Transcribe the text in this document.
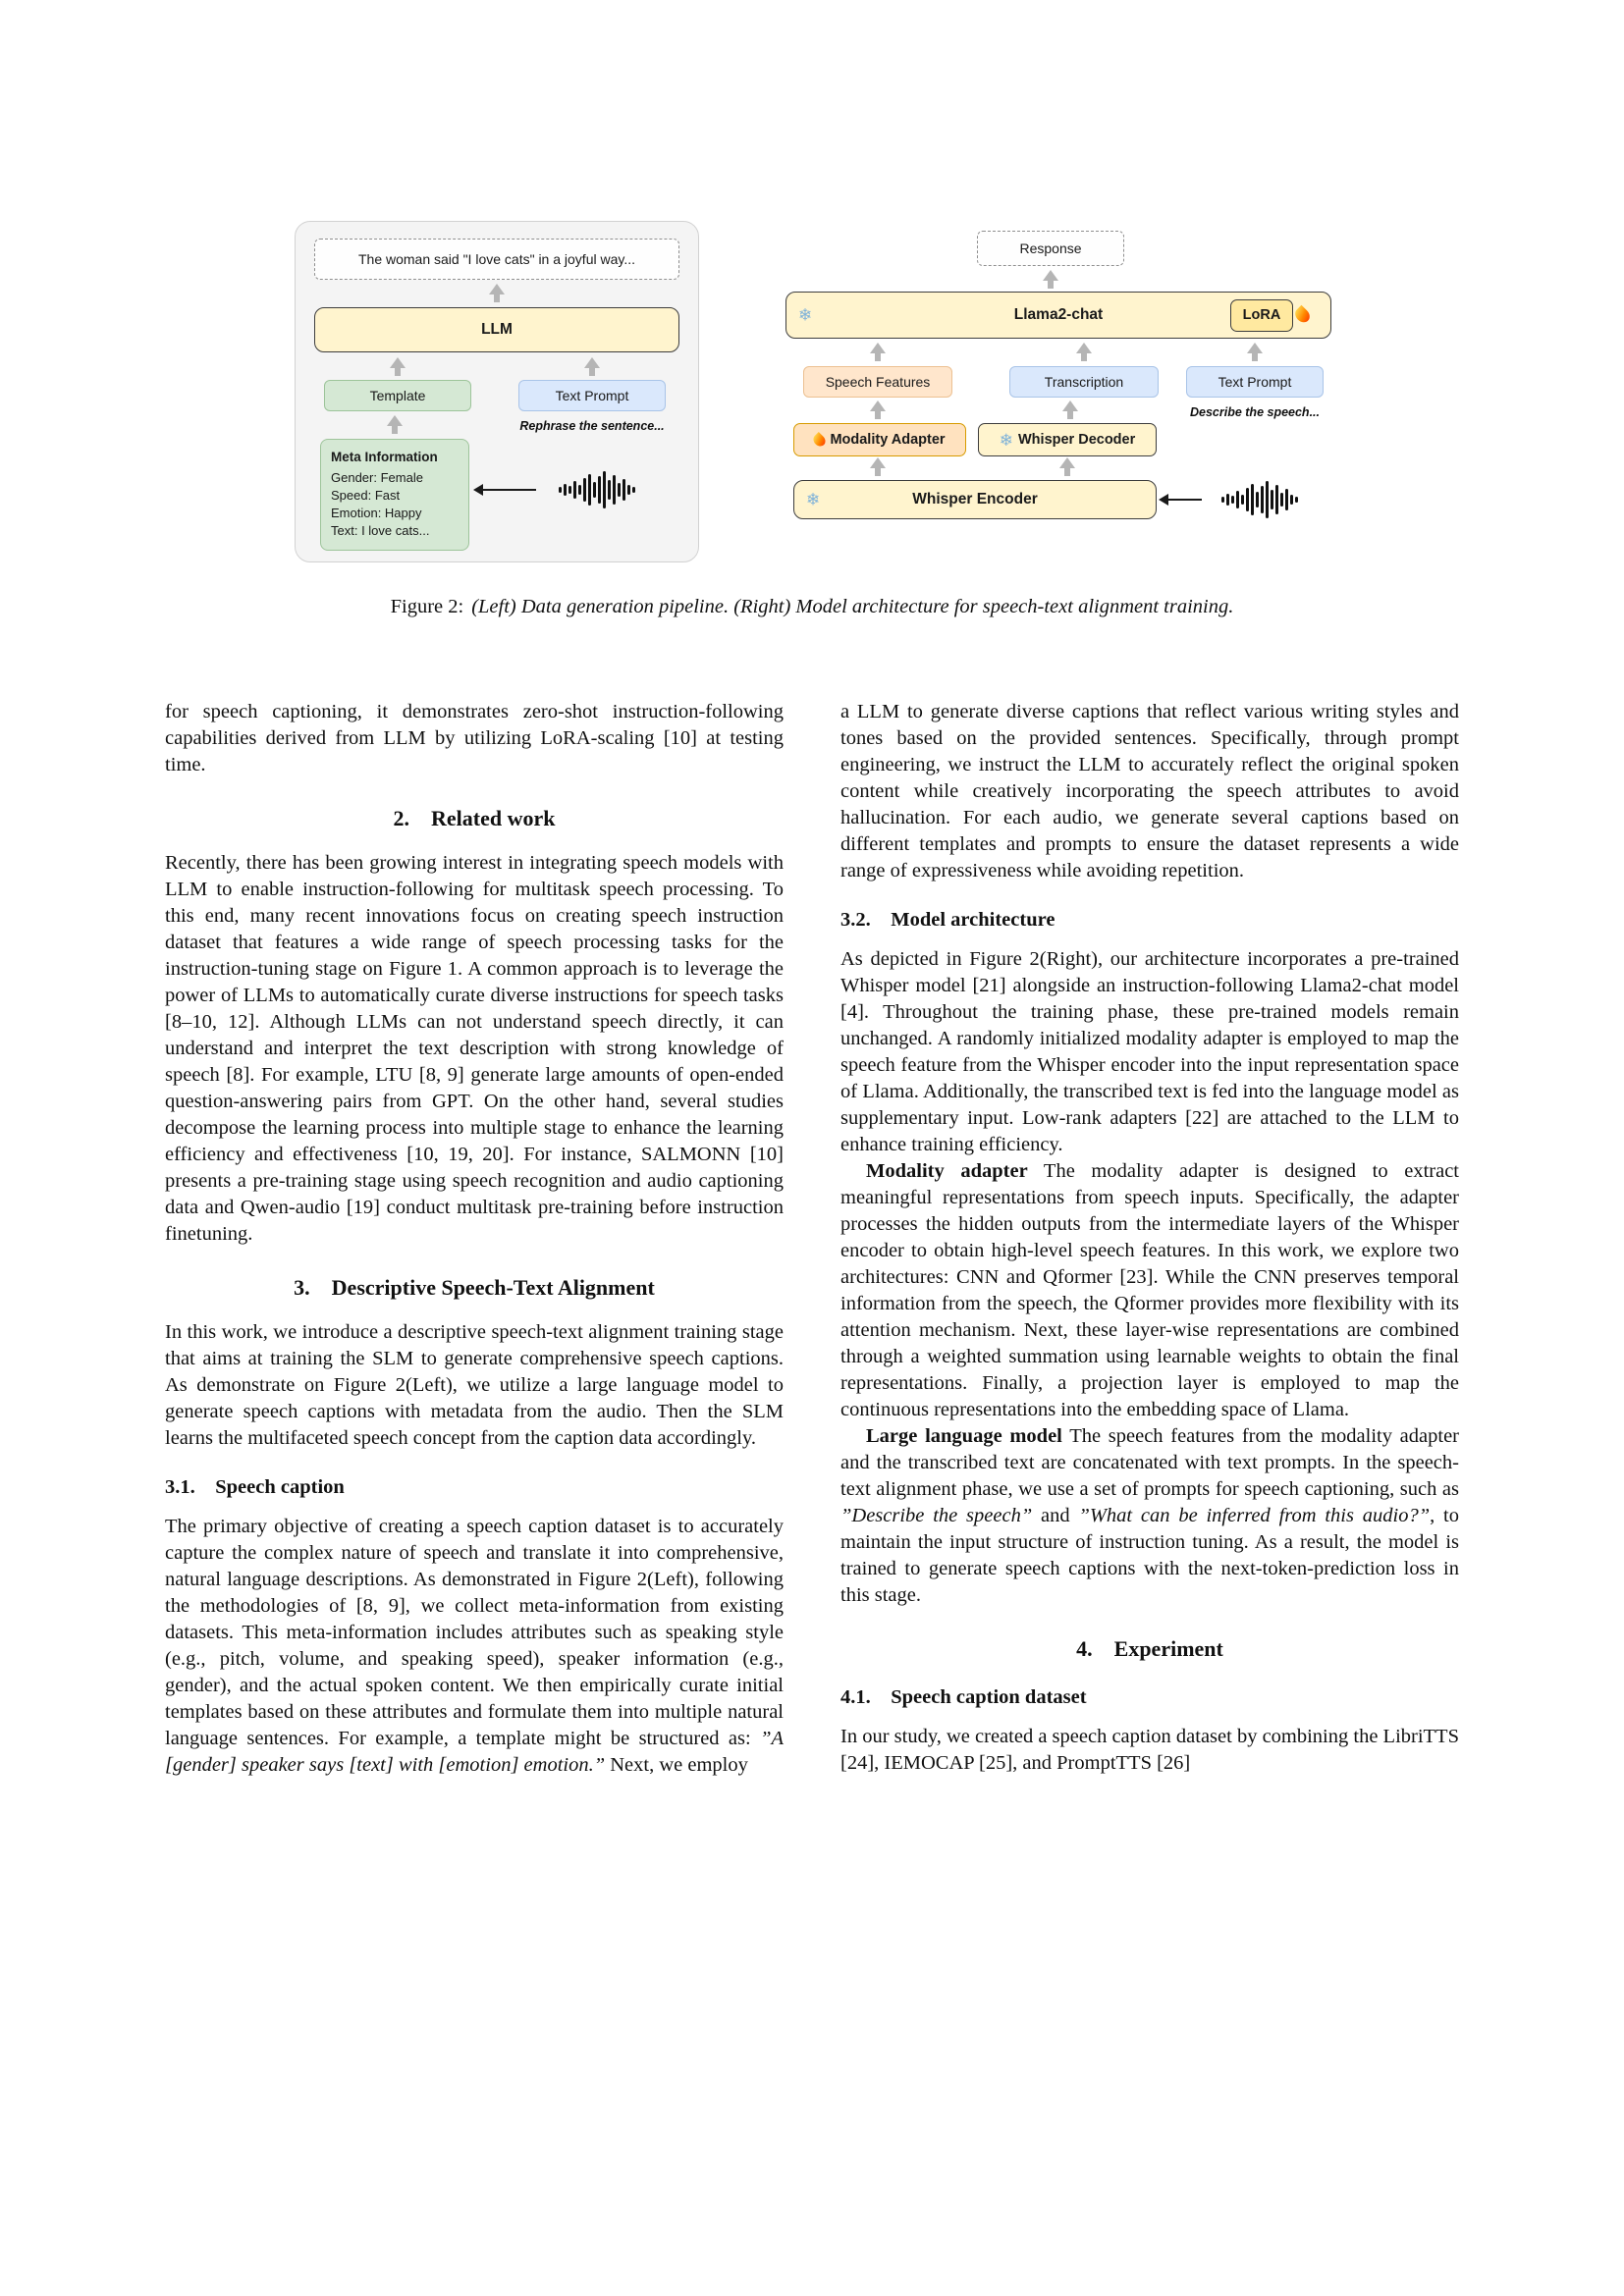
The woman said "I love cats" in a joyful way...
LLM
Template	Text Prompt
Rephrase the sentence...
Meta Information
Gender: Female
Speed: Fast
Emotion: Happy
Text: I love cats...
Response
❄	Llama2-chat	LoRA
Speech Features	Transcription	Text Prompt
Describe the speech...
Modality Adapter	❄ Whisper Decoder
❄	Whisper Encoder

Figure 2: (Left) Data generation pipeline. (Right) Model architecture for speech-text alignment training.

for speech captioning, it demonstrates zero-shot instruction-following capabilities derived from LLM by utilizing LoRA-scaling [10] at testing time.

2. Related work

Recently, there has been growing interest in integrating speech models with LLM to enable instruction-following for multitask speech processing. To this end, many recent innovations focus on creating speech instruction dataset that features a wide range of speech processing tasks for the instruction-tuning stage on Figure 1. A common approach is to leverage the power of LLMs to automatically curate diverse instructions for speech tasks [8–10, 12]. Although LLMs can not understand speech directly, it can understand and interpret the text description with strong knowledge of speech [8]. For example, LTU [8, 9] generate large amounts of open-ended question-answering pairs from GPT. On the other hand, several studies decompose the learning process into multiple stage to enhance the learning efficiency and effectiveness [10, 19, 20]. For instance, SALMONN [10] presents a pre-training stage using speech recognition and audio captioning data and Qwen-audio [19] conduct multitask pre-training before instruction finetuning.

3. Descriptive Speech-Text Alignment

In this work, we introduce a descriptive speech-text alignment training stage that aims at training the SLM to generate comprehensive speech captions. As demonstrate on Figure 2(Left), we utilize a large language model to generate speech captions with metadata from the audio. Then the SLM learns the multifaceted speech concept from the caption data accordingly.

3.1.  Speech caption

The primary objective of creating a speech caption dataset is to accurately capture the complex nature of speech and translate it into comprehensive, natural language descriptions. As demonstrated in Figure 2(Left), following the methodologies of [8, 9], we collect meta-information from existing datasets. This meta-information includes attributes such as speaking style (e.g., pitch, volume, and speaking speed), speaker information (e.g., gender), and the actual spoken content. We then empirically curate initial templates based on these attributes and formulate them into multiple natural language sentences. For example, a template might be structured as: ”A [gender] speaker says [text] with [emotion] emotion.” Next, we employ

a LLM to generate diverse captions that reflect various writing styles and tones based on the provided sentences. Specifically, through prompt engineering, we instruct the LLM to accurately reflect the original spoken content while creatively incorporating the speech attributes to avoid hallucination. For each audio, we generate several captions based on different templates and prompts to ensure the dataset represents a wide range of expressiveness while avoiding repetition.

3.2.  Model architecture

As depicted in Figure 2(Right), our architecture incorporates a pre-trained Whisper model [21] alongside an instruction-following Llama2-chat model [4]. Throughout the training phase, these pre-trained models remain unchanged. A randomly initialized modality adapter is employed to map the speech feature from the Whisper encoder into the input representation space of Llama. Additionally, the transcribed text is fed into the language model as supplementary input. Low-rank adapters [22] are attached to the LLM to enhance training efficiency.

Modality adapter The modality adapter is designed to extract meaningful representations from speech inputs. Specifically, the adapter processes the hidden outputs from the intermediate layers of the Whisper encoder to obtain high-level speech features. In this work, we explore two architectures: CNN and Qformer [23]. While the CNN preserves temporal information from the speech, the Qformer provides more flexibility with its attention mechanism. Next, these layer-wise representations are combined through a weighted summation using learnable weights to obtain the final representations. Finally, a projection layer is employed to map the continuous representations into the embedding space of Llama.

Large language model The speech features from the modality adapter and the transcribed text are concatenated with text prompts. In the speech-text alignment phase, we use a set of prompts for speech captioning, such as ”Describe the speech” and ”What can be inferred from this audio?”, to maintain the input structure of instruction tuning. As a result, the model is trained to generate speech captions with the next-token-prediction loss in this stage.

4. Experiment
4.1.  Speech caption dataset

In our study, we created a speech caption dataset by combining the LibriTTS [24], IEMOCAP [25], and PromptTTS [26]
